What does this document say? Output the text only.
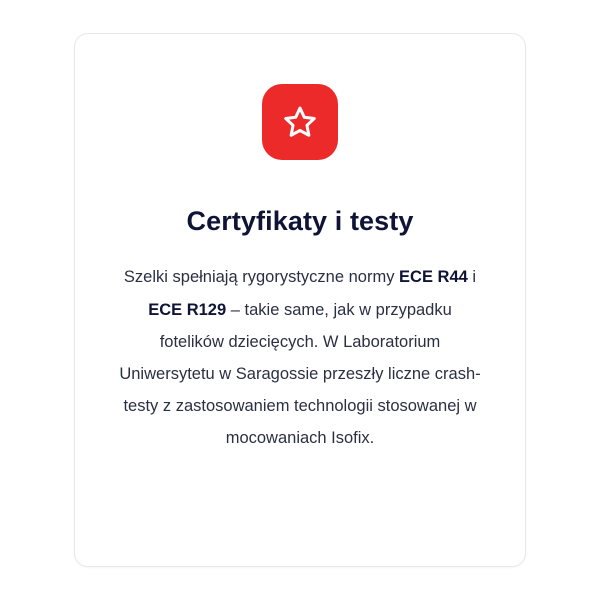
Certyfikaty i testy

Szelki spełniają rygorystyczne normy ECE R44 i ECE R129 – takie same, jak w przypadku fotelików dziecięcych. W Laboratorium Uniwersytetu w Saragossie przeszły liczne crash-testy z zastosowaniem technologii stosowanej w mocowaniach Isofix.
